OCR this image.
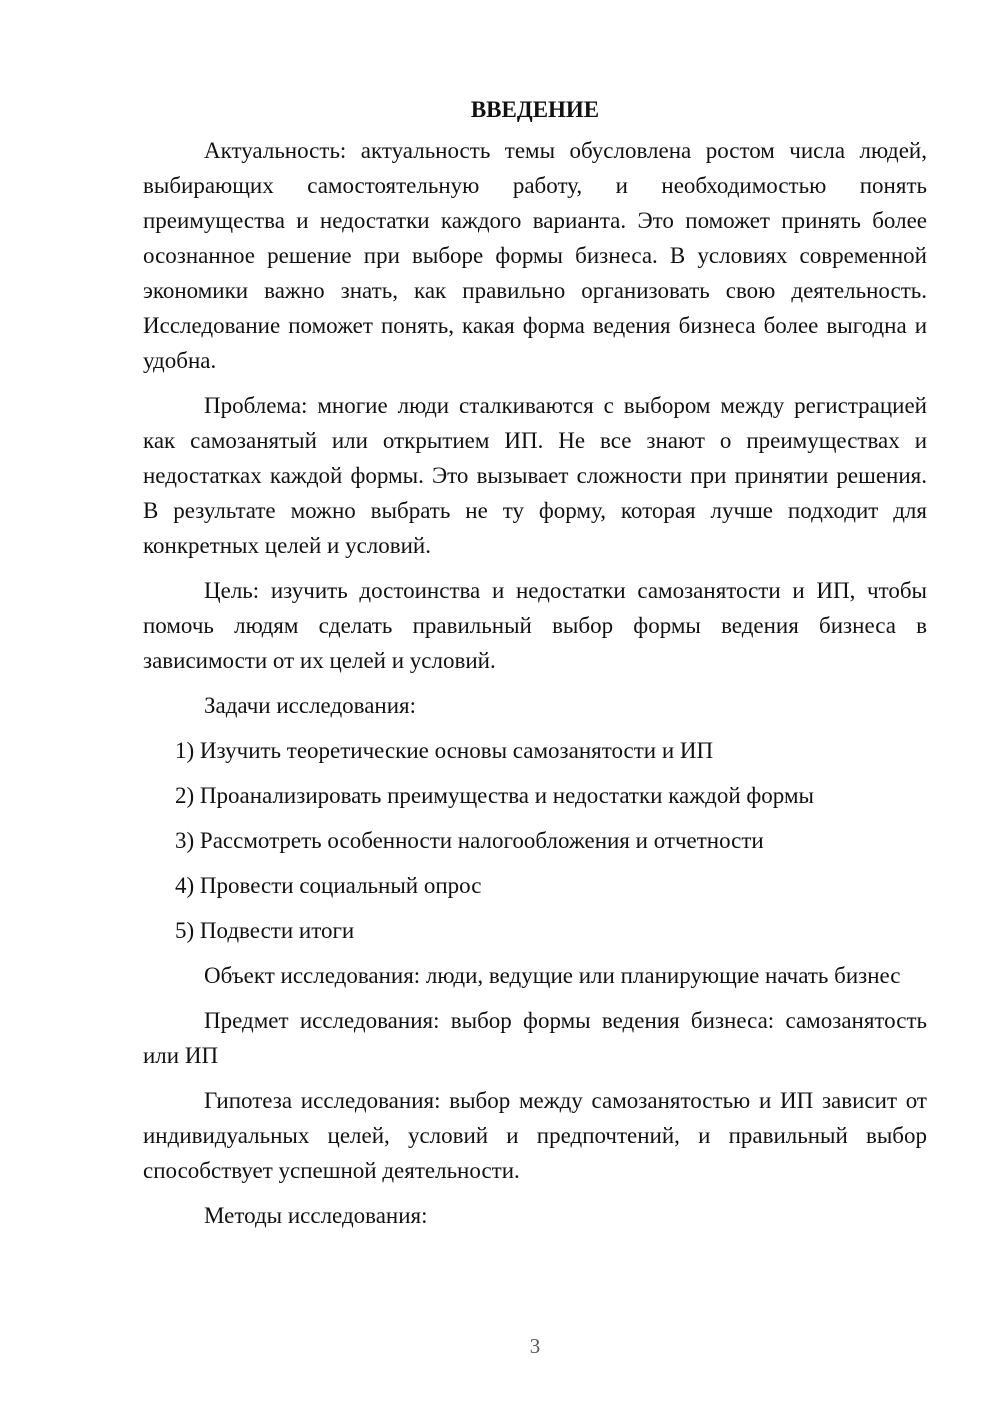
ВВЕДЕНИЕ

Актуальность: актуальность темы обусловлена ростом числа людей, выбирающих самостоятельную работу, и необходимостью понять преимущества и недостатки каждого варианта. Это поможет принять более осознанное решение при выборе формы бизнеса. В условиях современной экономики важно знать, как правильно организовать свою деятельность. Исследование поможет понять, какая форма ведения бизнеса более выгодна и удобна.

Проблема: многие люди сталкиваются с выбором между регистрацией как самозанятый или открытием ИП. Не все знают о преимуществах и недостатках каждой формы. Это вызывает сложности при принятии решения. В результате можно выбрать не ту форму, которая лучше подходит для конкретных целей и условий.

Цель: изучить достоинства и недостатки самозанятости и ИП, чтобы помочь людям сделать правильный выбор формы ведения бизнеса в зависимости от их целей и условий.

Задачи исследования:

1) Изучить теоретические основы самозанятости и ИП
2) Проанализировать преимущества и недостатки каждой формы
3) Рассмотреть особенности налогообложения и отчетности
4) Провести социальный опрос
5) Подвести итоги

Объект исследования: люди, ведущие или планирующие начать бизнес

Предмет исследования: выбор формы ведения бизнеса: самозанятость или ИП

Гипотеза исследования: выбор между самозанятостью и ИП зависит от индивидуальных целей, условий и предпочтений, и правильный выбор способствует успешной деятельности.

Методы исследования:

3
